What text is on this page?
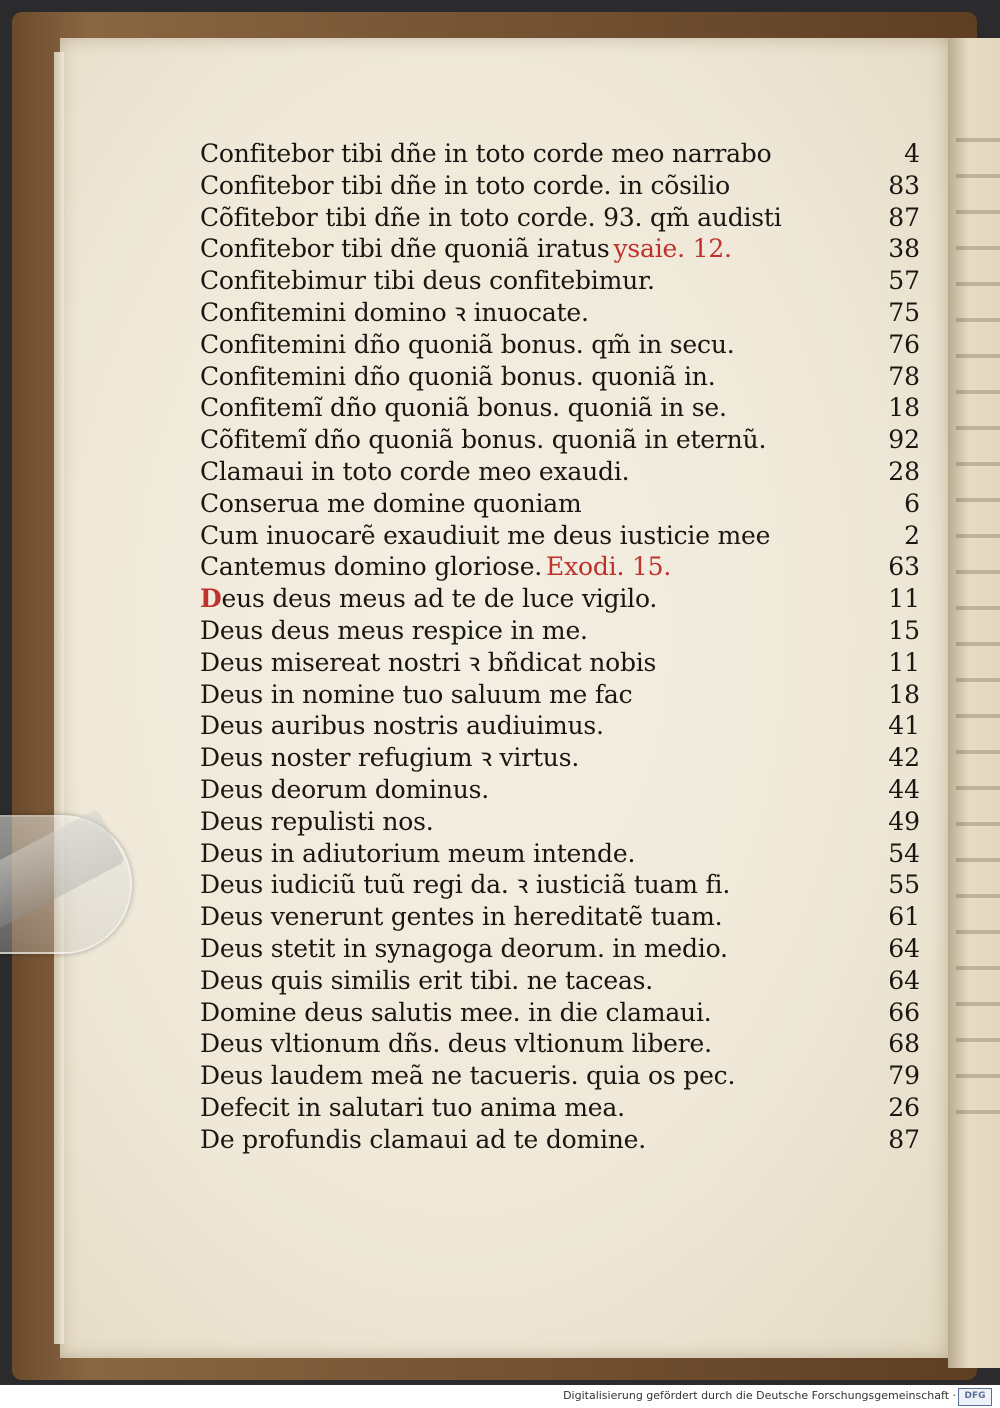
Confitebor tibi dñe in toto corde meo narrabo	4
Confitebor tibi dñe in toto corde. in cõsilio	83
Cõfitebor tibi dñe in toto corde. 93. qm̃ audisti	87
Confitebor tibi dñe quoniã iratus ysaie. 12.	38
Confitebimur tibi deus confitebimur.	57
Confitemini domino ꝛ inuocate.	75
Confitemini dño quoniã bonus. qm̃ in secu.	76
Confitemini dño quoniã bonus. quoniã in.	78
Confitemĩ dño quoniã bonus. quoniã in se.	18
Cõfitemĩ dño quoniã bonus. quoniã in eternũ.	92
Clamaui in toto corde meo exaudi.	28
Conserua me domine quoniam	6
Cum inuocarẽ exaudiuit me deus iusticie mee	2
Cantemus domino gloriose. Exodi. 15.	63
Deus deus meus ad te de luce vigilo.	11
Deus deus meus respice in me.	15
Deus misereat nostri ꝛ bñdicat nobis	11
Deus in nomine tuo saluum me fac	18
Deus auribus nostris audiuimus.	41
Deus noster refugium ꝛ virtus.	42
Deus deorum dominus.	44
Deus repulisti nos.	49
Deus in adiutorium meum intende.	54
Deus iudiciũ tuũ regi da. ꝛ iusticiã tuam fi.	55
Deus venerunt gentes in hereditatẽ tuam.	61
Deus stetit in synagoga deorum. in medio.	64
Deus quis similis erit tibi. ne taceas.	64
Domine deus salutis mee. in die clamaui.	66
Deus vltionum dñs. deus vltionum libere.	68
Deus laudem meã ne tacueris. quia os pec.	79
Defecit in salutari tuo anima mea.	26
De profundis clamaui ad te domine.	87
Digitalisierung gefördert durch die Deutsche Forschungsgemeinschaft · DFG
